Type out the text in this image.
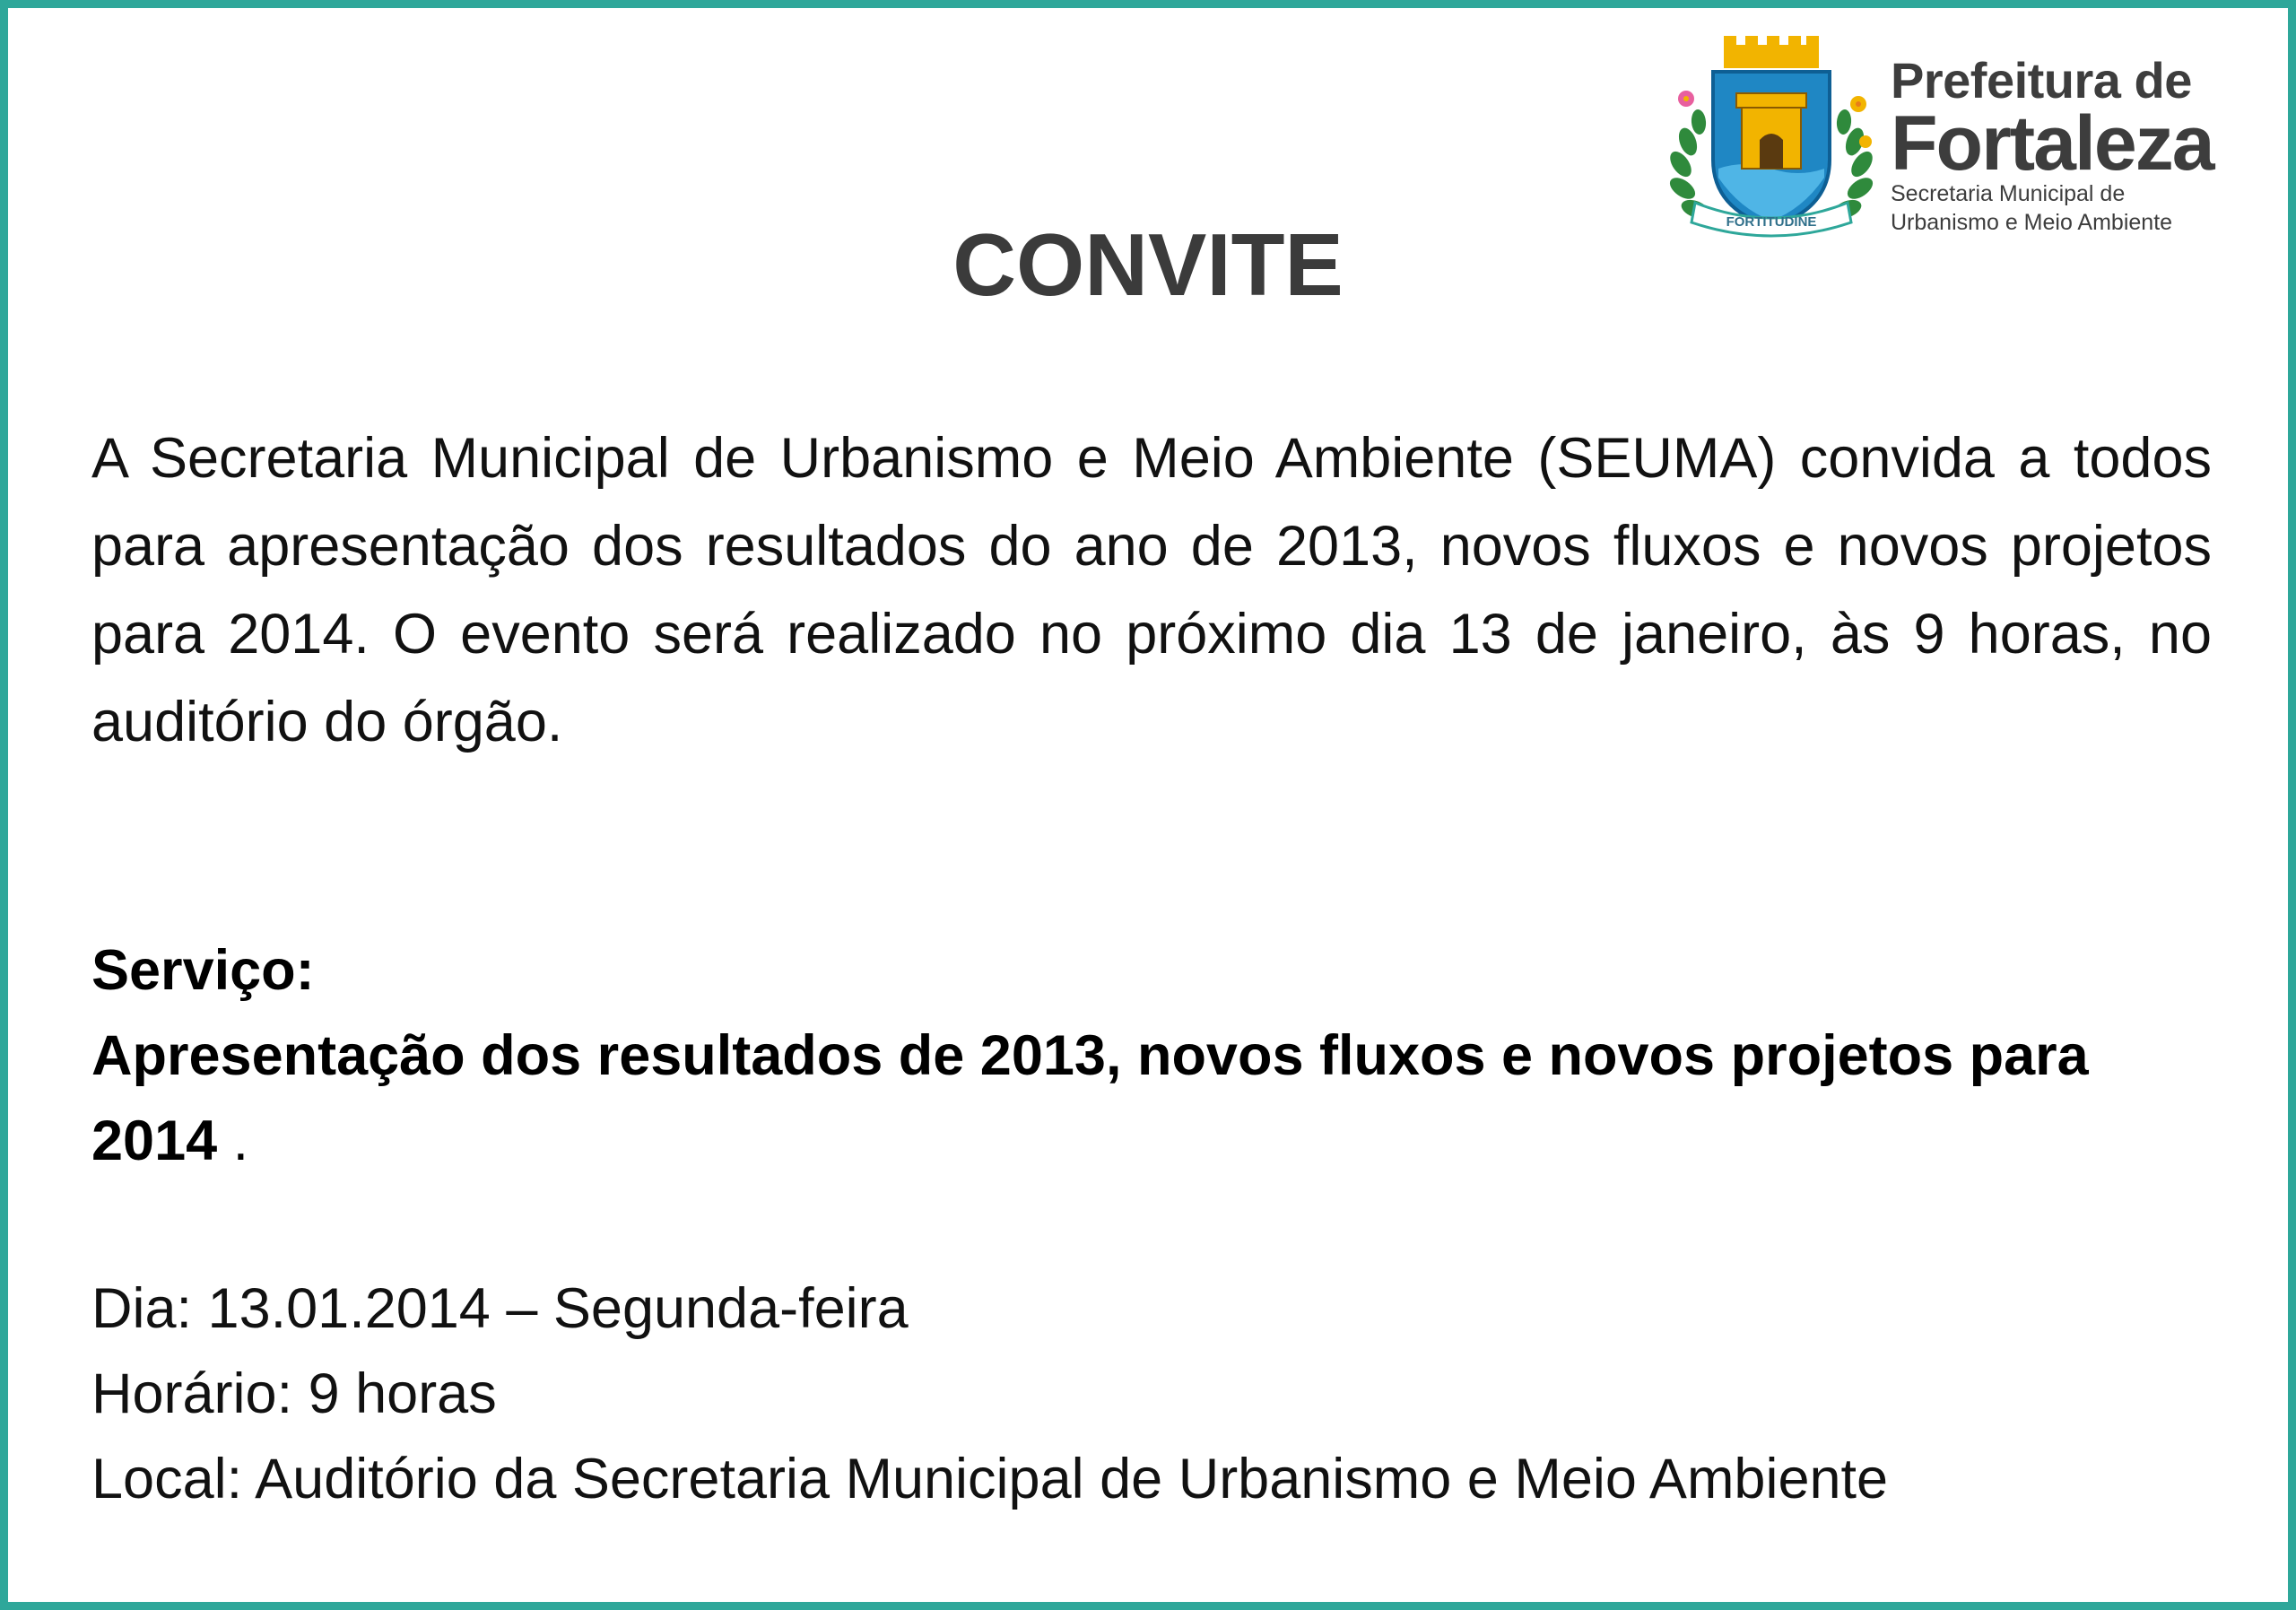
FORTITUDINE
Prefeitura de
Fortaleza
Secretaria Municipal de
Urbanismo e Meio Ambiente
CONVITE

A Secretaria Municipal de Urbanismo e Meio Ambiente (SEUMA) convida a todos para apresentação dos resultados do ano de 2013, novos fluxos e novos projetos para 2014. O evento será realizado no próximo dia 13 de janeiro, às 9 horas, no auditório do órgão.

Serviço:
Apresentação dos resultados de 2013, novos fluxos e novos projetos para 2014 .
Dia: 13.01.2014 – Segunda-feira
Horário: 9 horas
Local: Auditório da Secretaria Municipal de Urbanismo e Meio Ambiente
